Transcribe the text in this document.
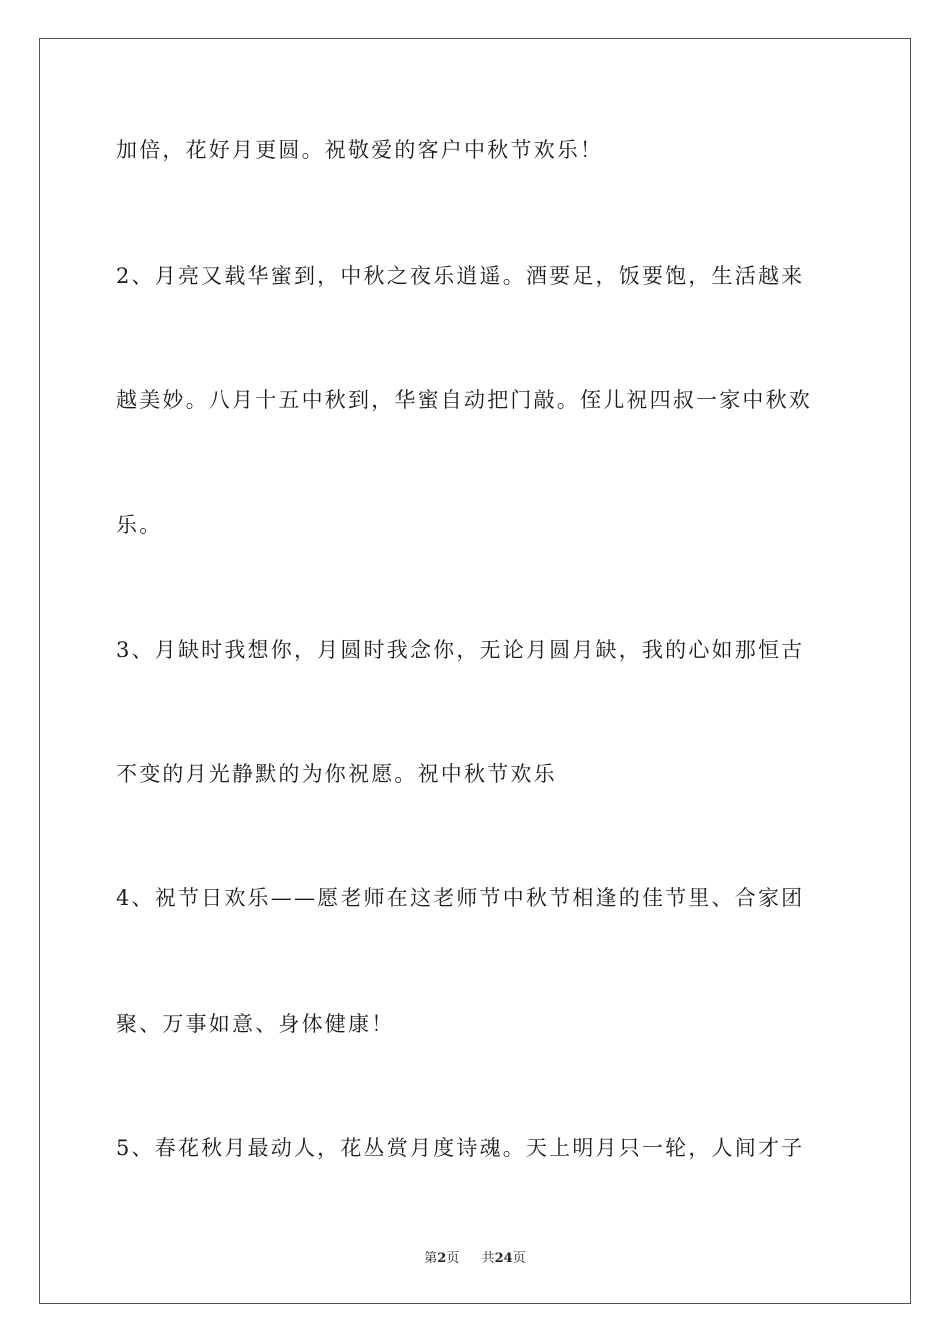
加倍，花好月更圆。祝敬爱的客户中秋节欢乐！
2、月亮又载华蜜到，中秋之夜乐逍遥。酒要足，饭要饱，生活越来
越美妙。八月十五中秋到，华蜜自动把门敲。侄儿祝四叔一家中秋欢
乐。
3、月缺时我想你，月圆时我念你，无论月圆月缺，我的心如那恒古
不变的月光静默的为你祝愿。祝中秋节欢乐
4、祝节日欢乐——愿老师在这老师节中秋节相逢的佳节里、合家团
聚、万事如意、身体健康！
5、春花秋月最动人，花丛赏月度诗魂。天上明月只一轮，人间才子
第2页 共24页
